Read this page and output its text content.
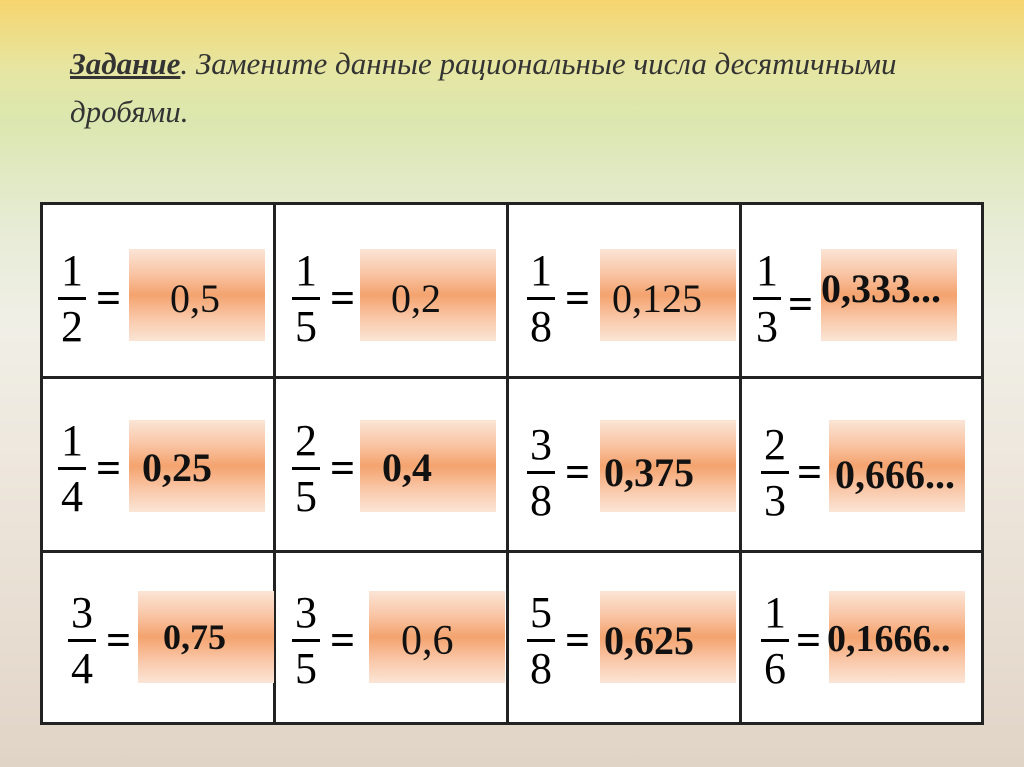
Задание. Замените данные рациональные числа десятичными дробями.
1
2
= 0,5
1
5
= 0,2
1
8
= 0,125
1
3 = 0,333...
1
4
= 0,25
2
5
= 0,4 3
8
= 0,375
2
3
= 0,666...
3
4
= 0,75 3
5
= 0,6
5
8
= 0,625
1
6
= 0,1666..
